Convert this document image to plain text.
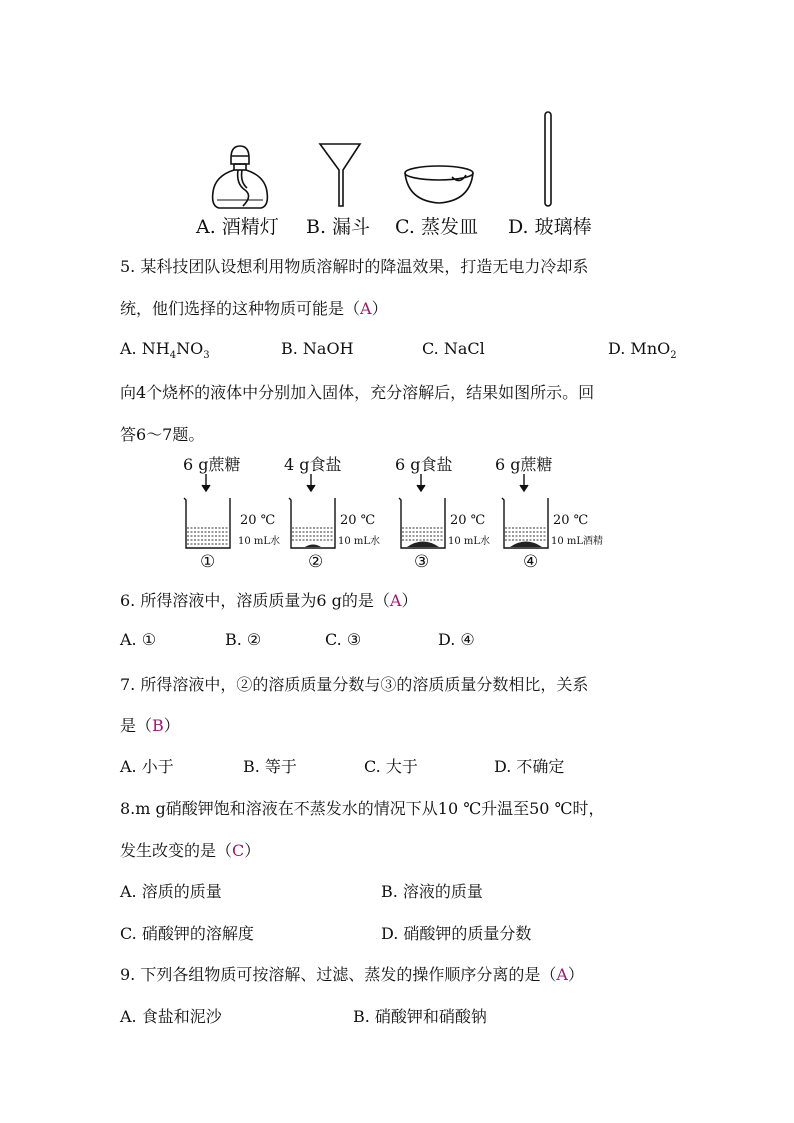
A. 酒精灯 B. 漏斗 C. 蒸发皿 D. 玻璃棒
5. 某科技团队设想利用物质溶解时的降温效果，打造无电力冷却系
统，他们选择的这种物质可能是（A）
A. $NH_4NO_3$	B. NaOH	C. NaCl	D. MnO$_2$
向4个烧杯的液体中分别加入固体，充分溶解后，结果如图所示。回
答6～7题。
6 g蔗糖
20 ℃
10 mL水
①
4 g食盐
20 ℃
10 mL水
②
6 g食盐
20 ℃
10 mL水
③
6 g蔗糖
20 ℃
10 mL酒精
④
6. 所得溶液中，溶质质量为6 g的是（A）
A. ①	B. ②	C. ③	D. ④
7. 所得溶液中，②的溶质质量分数与③的溶质质量分数相比，关系
是（B）
A. 小于	B. 等于	C. 大于	D. 不确定
8.m g硝酸钾饱和溶液在不蒸发水的情况下从10 ℃升温至50 ℃时，
发生改变的是（C）
A. 溶质的质量	B. 溶液的质量
C. 硝酸钾的溶解度	D. 硝酸钾的质量分数
9. 下列各组物质可按溶解、过滤、蒸发的操作顺序分离的是（A）
A. 食盐和泥沙	B. 硝酸钾和硝酸钠
